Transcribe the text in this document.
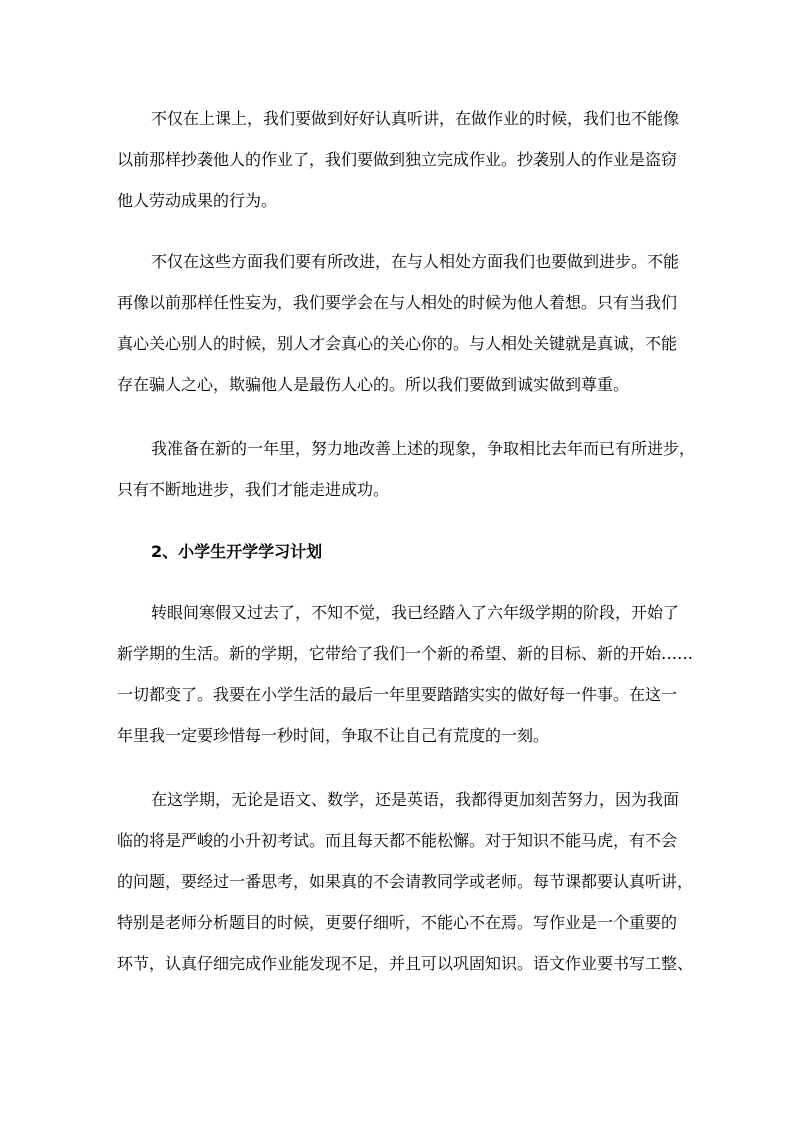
不仅在上课上，我们要做到好好认真听讲，在做作业的时候，我们也不能像
以前那样抄袭他人的作业了，我们要做到独立完成作业。抄袭别人的作业是盗窃
他人劳动成果的行为。
不仅在这些方面我们要有所改进，在与人相处方面我们也要做到进步。不能
再像以前那样任性妄为，我们要学会在与人相处的时候为他人着想。只有当我们
真心关心别人的时候，别人才会真心的关心你的。与人相处关键就是真诚，不能
存在骗人之心，欺骗他人是最伤人心的。所以我们要做到诚实做到尊重。
我准备在新的一年里，努力地改善上述的现象，争取相比去年而已有所进步，
只有不断地进步，我们才能走进成功。
2、小学生开学学习计划
转眼间寒假又过去了，不知不觉，我已经踏入了六年级学期的阶段，开始了
新学期的生活。新的学期，它带给了我们一个新的希望、新的目标、新的开始……
一切都变了。我要在小学生活的最后一年里要踏踏实实的做好每一件事。在这一
年里我一定要珍惜每一秒时间，争取不让自己有荒度的一刻。
在这学期，无论是语文、数学，还是英语，我都得更加刻苦努力，因为我面
临的将是严峻的小升初考试。而且每天都不能松懈。对于知识不能马虎，有不会
的问题，要经过一番思考，如果真的不会请教同学或老师。每节课都要认真听讲，
特别是老师分析题目的时候，更要仔细听，不能心不在焉。写作业是一个重要的
环节，认真仔细完成作业能发现不足，并且可以巩固知识。语文作业要书写工整、
